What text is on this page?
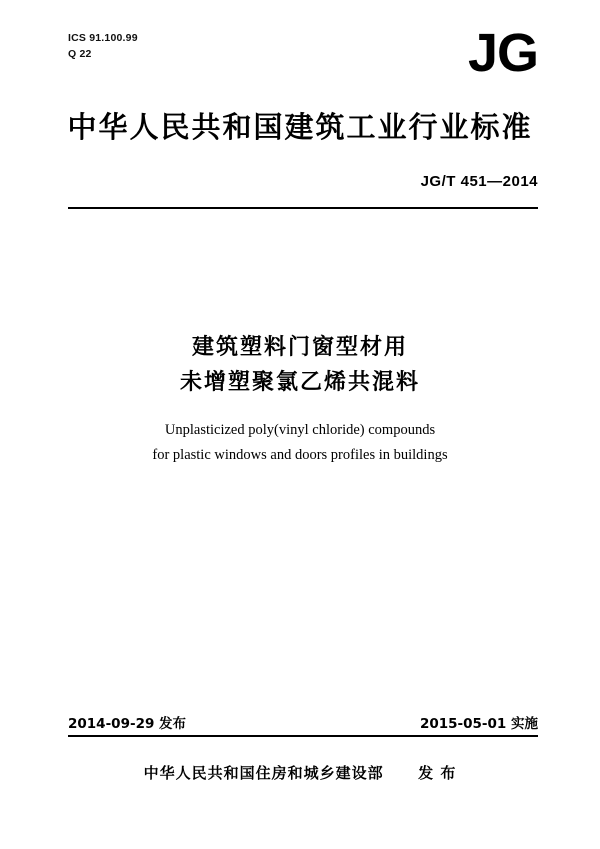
ICS 91.100.99
Q 22	JG
中华人民共和国建筑工业行业标准
JG/T 451—2014
建筑塑料门窗型材用
未增塑聚氯乙烯共混料
Unplasticized poly(vinyl chloride) compounds
for plastic windows and doors profiles in buildings
2014-09-29 发布	2015-05-01 实施
中华人民共和国住房和城乡建设部 发 布
